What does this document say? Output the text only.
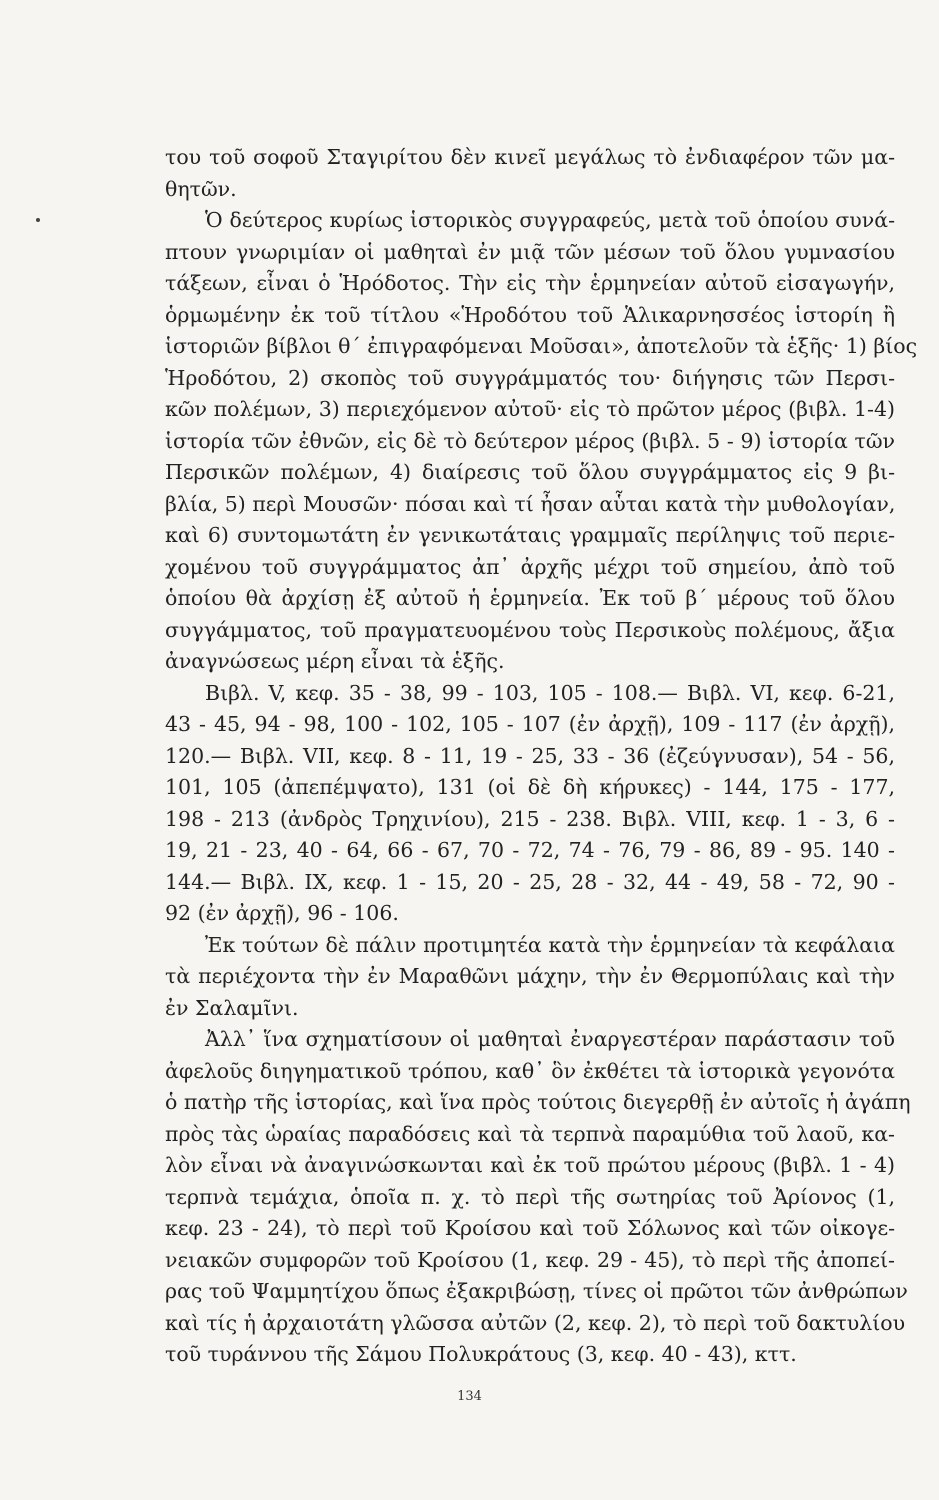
του τοῦ σοφοῦ Σταγιρίτου δὲν κινεῖ μεγάλως τὸ ἐνδιαφέρον τῶν μα-
θητῶν.
Ὁ δεύτερος κυρίως ἱστορικὸς συγγραφεύς, μετὰ τοῦ ὁποίου συνά-
πτουν γνωριμίαν οἱ μαθηταὶ ἐν μιᾷ τῶν μέσων τοῦ ὅλου γυμνασίου
τάξεων, εἶναι ὁ Ἡρόδοτος. Τὴν εἰς τὴν ἑρμηνείαν αὐτοῦ εἰσαγωγήν,
ὁρμωμένην ἐκ τοῦ τίτλου «Ἡροδότου τοῦ Ἁλικαρνησσέος ἱστορίη ἢ
ἱστοριῶν βίβλοι θ΄ ἐπιγραφόμεναι Μοῦσαι», ἀποτελοῦν τὰ ἑξῆς· 1) βίος
Ἡροδότου, 2) σκοπὸς τοῦ συγγράμματός του· διήγησις τῶν Περσι-
κῶν πολέμων, 3) περιεχόμενον αὐτοῦ· εἰς τὸ πρῶτον μέρος (βιβλ. 1-4)
ἱστορία τῶν ἐθνῶν, εἰς δὲ τὸ δεύτερον μέρος (βιβλ. 5 - 9) ἱστορία τῶν
Περσικῶν πολέμων, 4) διαίρεσις τοῦ ὅλου συγγράμματος εἰς 9 βι-
βλία, 5) περὶ Μουσῶν· πόσαι καὶ τί ἦσαν αὗται κατὰ τὴν μυθολογίαν,
καὶ 6) συντομωτάτη ἐν γενικωτάταις γραμμαῖς περίληψις τοῦ περιε-
χομένου τοῦ συγγράμματος ἀπ᾽ ἀρχῆς μέχρι τοῦ σημείου, ἀπὸ τοῦ
ὁποίου θὰ ἀρχίσῃ ἐξ αὐτοῦ ἡ ἑρμηνεία. Ἐκ τοῦ β΄ μέρους τοῦ ὅλου
συγγάμματος, τοῦ πραγματευομένου τοὺς Περσικοὺς πολέμους, ἄξια
ἀναγνώσεως μέρη εἶναι τὰ ἑξῆς.
Βιβλ. V, κεφ. 35 - 38, 99 - 103, 105 - 108.— Βιβλ. VI, κεφ. 6-21,
43 - 45, 94 - 98, 100 - 102, 105 - 107 (ἐν ἀρχῇ), 109 - 117 (ἐν ἀρχῇ),
120.— Βιβλ. VII, κεφ. 8 - 11, 19 - 25, 33 - 36 (ἐζεύγνυσαν), 54 - 56,
101, 105 (ἀπεπέμψατο), 131 (οἱ δὲ δὴ κήρυκες) - 144, 175 - 177,
198 - 213 (ἀνδρὸς Τρηχινίου), 215 - 238. Βιβλ. VIII, κεφ. 1 - 3, 6 -
19, 21 - 23, 40 - 64, 66 - 67, 70 - 72, 74 - 76, 79 - 86, 89 - 95. 140 -
144.— Βιβλ. IX, κεφ. 1 - 15, 20 - 25, 28 - 32, 44 - 49, 58 - 72, 90 -
92 (ἐν ἀρχῇ), 96 - 106.
Ἐκ τούτων δὲ πάλιν προτιμητέα κατὰ τὴν ἑρμηνείαν τὰ κεφάλαια
τὰ περιέχοντα τὴν ἐν Μαραθῶνι μάχην, τὴν ἐν Θερμοπύλαις καὶ τὴν
ἐν Σαλαμῖνι.
Ἀλλ᾽ ἵνα σχηματίσουν οἱ μαθηταὶ ἐναργεστέραν παράστασιν τοῦ
ἀφελοῦς διηγηματικοῦ τρόπου, καθ᾽ ὃν ἐκθέτει τὰ ἱστορικὰ γεγονότα
ὁ πατὴρ τῆς ἱστορίας, καὶ ἵνα πρὸς τούτοις διεγερθῇ ἐν αὐτοῖς ἡ ἀγάπη
πρὸς τὰς ὡραίας παραδόσεις καὶ τὰ τερπνὰ παραμύθια τοῦ λαοῦ, κα-
λὸν εἶναι νὰ ἀναγινώσκωνται καὶ ἐκ τοῦ πρώτου μέρους (βιβλ. 1 - 4)
τερπνὰ τεμάχια, ὁποῖα π. χ. τὸ περὶ τῆς σωτηρίας τοῦ Ἀρίονος (1,
κεφ. 23 - 24), τὸ περὶ τοῦ Κροίσου καὶ τοῦ Σόλωνος καὶ τῶν οἰκογε-
νειακῶν συμφορῶν τοῦ Κροίσου (1, κεφ. 29 - 45), τὸ περὶ τῆς ἀποπεί-
ρας τοῦ Ψαμμητίχου ὅπως ἐξακριβώσῃ, τίνες οἱ πρῶτοι τῶν ἀνθρώπων
καὶ τίς ἡ ἀρχαιοτάτη γλῶσσα αὐτῶν (2, κεφ. 2), τὸ περὶ τοῦ δακτυλίου
τοῦ τυράννου τῆς Σάμου Πολυκράτους (3, κεφ. 40 - 43), κττ.
134
